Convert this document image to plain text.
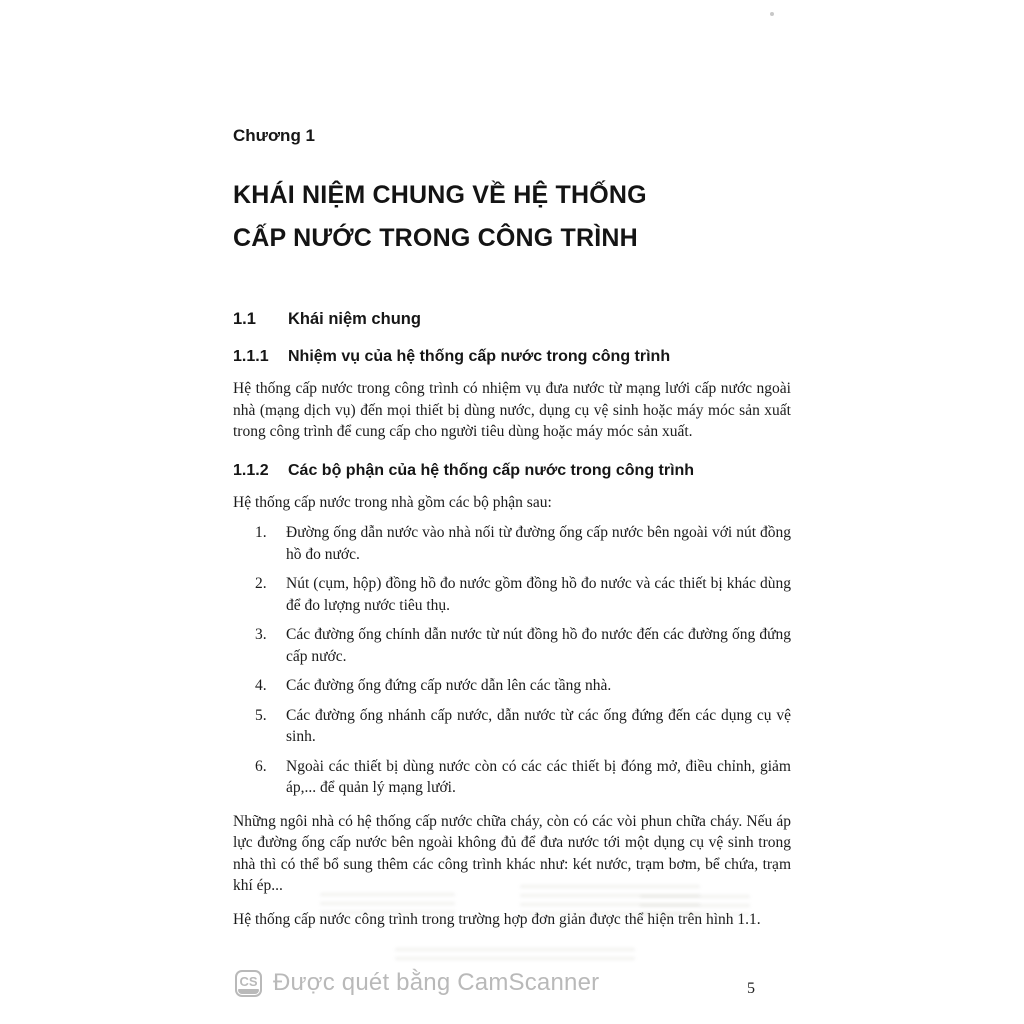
Chương 1
KHÁI NIỆM CHUNG VỀ HỆ THỐNG
CẤP NƯỚC TRONG CÔNG TRÌNH
1.1	Khái niệm chung
1.1.1	Nhiệm vụ của hệ thống cấp nước trong công trình
Hệ thống cấp nước trong công trình có nhiệm vụ đưa nước từ mạng lưới cấp nước ngoài nhà (mạng dịch vụ) đến mọi thiết bị dùng nước, dụng cụ vệ sinh hoặc máy móc sản xuất trong công trình để cung cấp cho người tiêu dùng hoặc máy móc sản xuất.
1.1.2	Các bộ phận của hệ thống cấp nước trong công trình
Hệ thống cấp nước trong nhà gồm các bộ phận sau:
1. Đường ống dẫn nước vào nhà nối từ đường ống cấp nước bên ngoài với nút đồng hồ đo nước.
2. Nút (cụm, hộp) đồng hồ đo nước gồm đồng hồ đo nước và các thiết bị khác dùng để đo lượng nước tiêu thụ.
3. Các đường ống chính dẫn nước từ nút đồng hồ đo nước đến các đường ống đứng cấp nước.
4. Các đường ống đứng cấp nước dẫn lên các tầng nhà.
5. Các đường ống nhánh cấp nước, dẫn nước từ các ống đứng đến các dụng cụ vệ sinh.
6. Ngoài các thiết bị dùng nước còn có các các thiết bị đóng mở, điều chỉnh, giảm áp,... để quản lý mạng lưới.
Những ngôi nhà có hệ thống cấp nước chữa cháy, còn có các vòi phun chữa cháy. Nếu áp lực đường ống cấp nước bên ngoài không đủ để đưa nước tới một dụng cụ vệ sinh trong nhà thì có thể bổ sung thêm các công trình khác như: két nước, trạm bơm, bể chứa, trạm khí ép...
Hệ thống cấp nước công trình trong trường hợp đơn giản được thể hiện trên hình 1.1.
CS Được quét bằng CamScanner	5
